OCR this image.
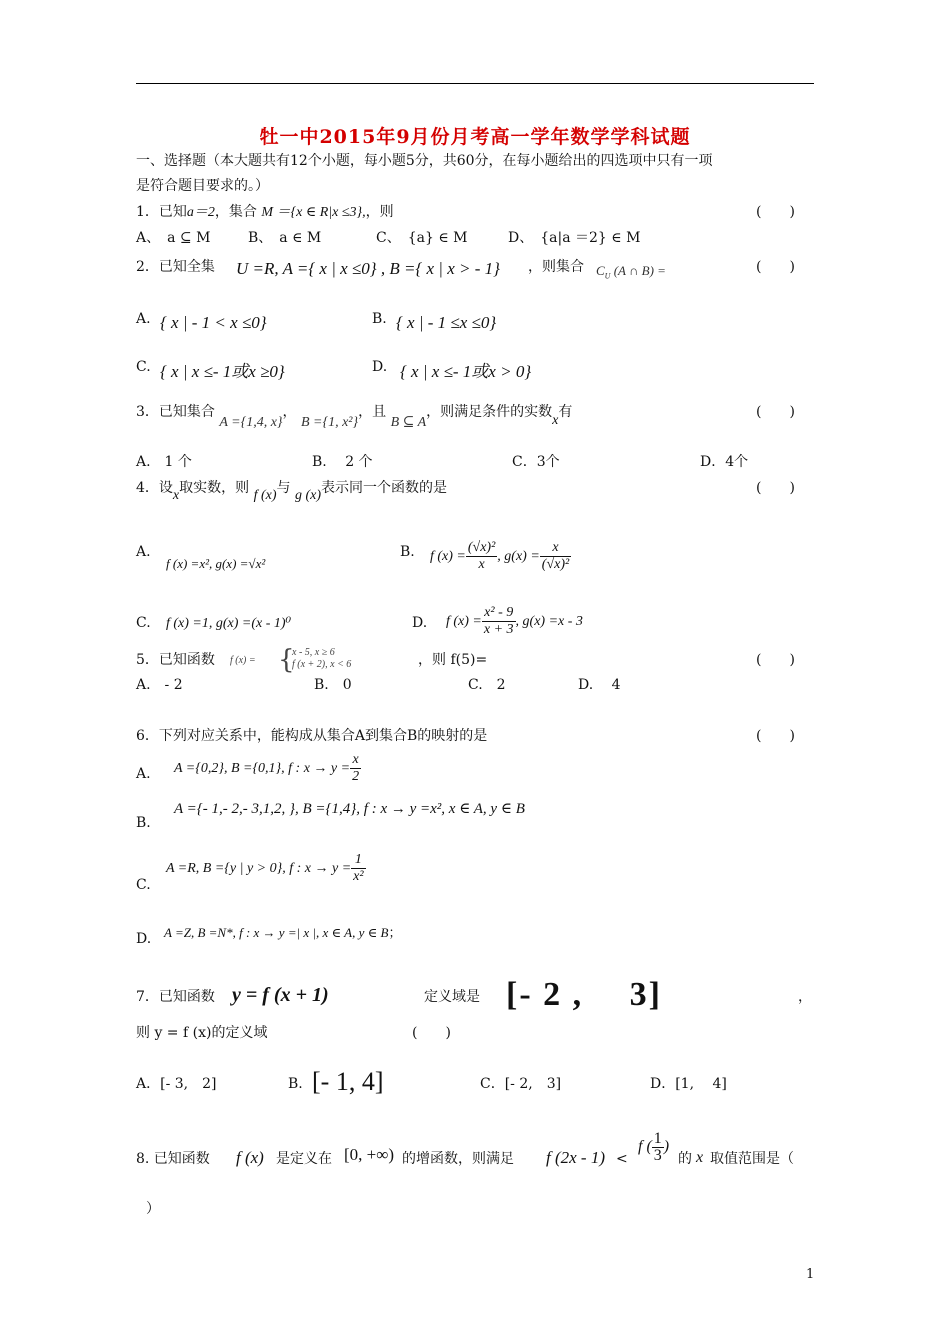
牡一中2015年9月份月考高一学年数学学科试题
一、选择题（本大题共有12个小题，每小题5分，共60分，在每小题给出的四选项中只有一项
是符合题目要求的。）
1．已知a＝2，集合 M ＝{x ∈ R|x ≤3},，则	(　　)
A、　a ⊆ M	B、　a ∈ M	C、　{a} ∈ M	D、　{a|a ＝2} ∈ M
2．已知全集 U =R, A ={ x | x ≤0} , B ={ x | x > - 1} ，则集合 $C_U$ (A ∩ B) =	(　　)
A. { x | - 1 < x ≤0}	B. { x | - 1 ≤x ≤0}
C. { x | x ≤- 1或x ≥0}	D. { x | x ≤- 1或x > 0}
3．已知集合 A ={1,4, x}， B ={1, x²}，且 B ⊆ A，则满足条件的实数x有	(　　)
A.　1 个	B.　 2 个	C．3个	D．4个
4．设x取实数，则 f (x)与 g (x)表示同一个函数的是	(　　)
A.
f (x) =x², g(x) =√x²
B. f $(x) = \frac{\text{(√x)²}}{x}$ , $g(x) = \frac{x}{\text{(√x)²}}$
C. f (x) =1, g(x) =(x - 1)⁰	D. f $(x) = \frac{\text{x² - 9}}{x + 3}$ , g(x) =x - 3
5．已知函数 f (x) = {
x - 5, x ≥ 6
f (x + 2), x < 6	，则 f(5)=	(　　)
A.　- 2	B.　0	C.　2	D.　 4
6．下列对应关系中，能构成从集合A到集合B的映射的是	(　　)
A. A ={0,2}, B ={0,1}, f : $x \to y = \frac{x}{2}$
A ={- 1,- 2,- 3,1,2, }, B ={1,4}, f : x → y =x², x ∈ A, y ∈ B
B.
A =R, B ={y | y > 0}, f : $x \to y = \frac{1}{\text{x²}}$
C.
D. A =Z, B =N*, f : x → y =| x |, x ∈ A, y ∈ B；
7．已知函数 y = f (x + 1)	定义域是 [- 2 ,　 3]	，
则 y = f (x)的定义域	(　　)
A．[- 3,　2]	B. [- 1, 4]	C．[- 2,　3]	D．[1,　 4]
8. 已知函数 f (x) 是定义在 [0, +∞) 的增函数，则满足 f (2x - 1) <
f ( $\frac{1}{3}$ )
的 x 取值范围是（
）
1
